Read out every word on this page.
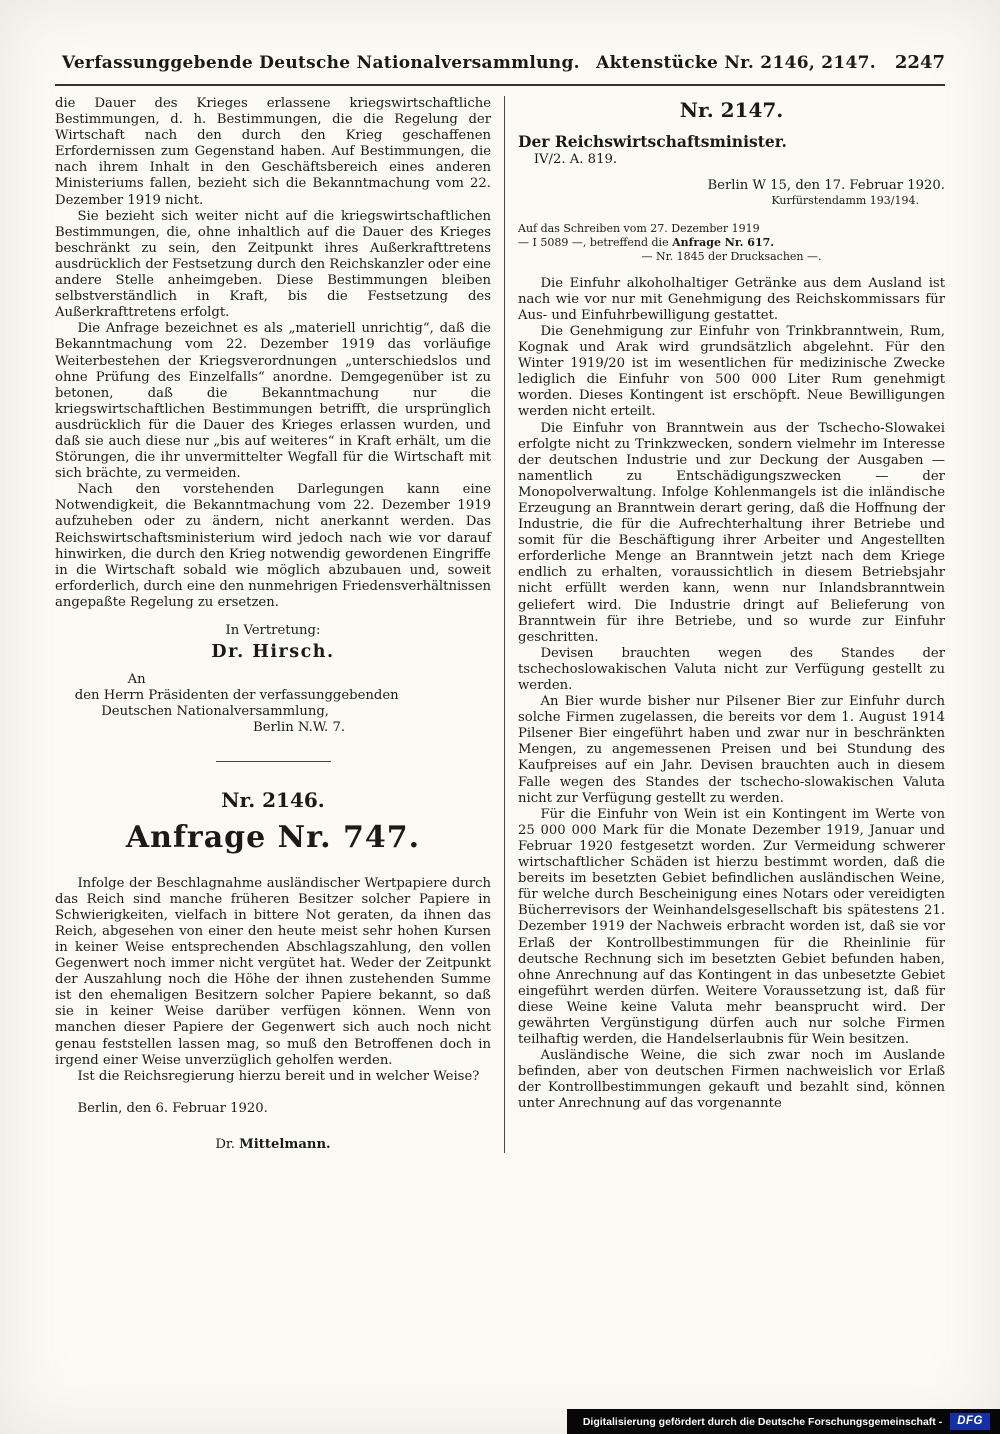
Verfassunggebende Deutsche Nationalversammlung. Aktenstücke Nr. 2146, 2147.	2247
die Dauer des Krieges erlassene kriegswirtschaftliche Bestimmungen, d. h. Bestimmungen, die die Regelung der Wirtschaft nach den durch den Krieg geschaffenen Erfordernissen zum Gegenstand haben. Auf Bestimmungen, die nach ihrem Inhalt in den Geschäftsbereich eines anderen Ministeriums fallen, bezieht sich die Bekanntmachung vom 22. Dezember 1919 nicht.
Sie bezieht sich weiter nicht auf die kriegswirtschaftlichen Bestimmungen, die, ohne inhaltlich auf die Dauer des Krieges beschränkt zu sein, den Zeitpunkt ihres Außerkrafttretens ausdrücklich der Festsetzung durch den Reichskanzler oder eine andere Stelle anheimgeben. Diese Bestimmungen bleiben selbstverständlich in Kraft, bis die Festsetzung des Außerkrafttretens erfolgt.
Die Anfrage bezeichnet es als „materiell unrichtig“, daß die Bekanntmachung vom 22. Dezember 1919 das vorläufige Weiterbestehen der Kriegsverordnungen „unterschiedslos und ohne Prüfung des Einzelfalls“ anordne. Demgegenüber ist zu betonen, daß die Bekanntmachung nur die kriegswirtschaftlichen Bestimmungen betrifft, die ursprünglich ausdrücklich für die Dauer des Krieges erlassen wurden, und daß sie auch diese nur „bis auf weiteres“ in Kraft erhält, um die Störungen, die ihr unvermittelter Wegfall für die Wirtschaft mit sich brächte, zu vermeiden.
Nach den vorstehenden Darlegungen kann eine Notwendigkeit, die Bekanntmachung vom 22. Dezember 1919 aufzuheben oder zu ändern, nicht anerkannt werden. Das Reichswirtschaftsministerium wird jedoch nach wie vor darauf hinwirken, die durch den Krieg notwendig gewordenen Eingriffe in die Wirtschaft sobald wie möglich abzubauen und, soweit erforderlich, durch eine den nunmehrigen Friedensverhältnissen angepaßte Regelung zu ersetzen.
In Vertretung:
Dr. Hirsch.
An
den Herrn Präsidenten der verfassunggebenden
Deutschen Nationalversammlung,
Berlin N.W. 7.
Nr. 2146.
Anfrage Nr. 747.
Infolge der Beschlagnahme ausländischer Wertpapiere durch das Reich sind manche früheren Besitzer solcher Papiere in Schwierigkeiten, vielfach in bittere Not geraten, da ihnen das Reich, abgesehen von einer den heute meist sehr hohen Kursen in keiner Weise entsprechenden Abschlagszahlung, den vollen Gegenwert noch immer nicht vergütet hat. Weder der Zeitpunkt der Auszahlung noch die Höhe der ihnen zustehenden Summe ist den ehemaligen Besitzern solcher Papiere bekannt, so daß sie in keiner Weise darüber verfügen können. Wenn von manchen dieser Papiere der Gegenwert sich auch noch nicht genau feststellen lassen mag, so muß den Betroffenen doch in irgend einer Weise unverzüglich geholfen werden.
Ist die Reichsregierung hierzu bereit und in welcher Weise?
Berlin, den 6. Februar 1920.
Dr. Mittelmann.
Nr. 2147.
Der Reichswirtschaftsminister.
IV/2. A. 819.
Berlin W 15, den 17. Februar 1920.
Kurfürstendamm 193/194.
Auf das Schreiben vom 27. Dezember 1919
— I 5089 —, betreffend die Anfrage Nr. 617.
— Nr. 1845 der Drucksachen —.
Die Einfuhr alkoholhaltiger Getränke aus dem Ausland ist nach wie vor nur mit Genehmigung des Reichskommissars für Aus- und Einfuhrbewilligung gestattet.
Die Genehmigung zur Einfuhr von Trinkbranntwein, Rum, Kognak und Arak wird grundsätzlich abgelehnt. Für den Winter 1919/20 ist im wesentlichen für medizinische Zwecke lediglich die Einfuhr von 500 000 Liter Rum genehmigt worden. Dieses Kontingent ist erschöpft. Neue Bewilligungen werden nicht erteilt.
Die Einfuhr von Branntwein aus der Tschecho-Slowakei erfolgte nicht zu Trinkzwecken, sondern vielmehr im Interesse der deutschen Industrie und zur Deckung der Ausgaben — namentlich zu Entschädigungszwecken — der Monopolverwaltung. Infolge Kohlenmangels ist die inländische Erzeugung an Branntwein derart gering, daß die Hoffnung der Industrie, die für die Aufrechterhaltung ihrer Betriebe und somit für die Beschäftigung ihrer Arbeiter und Angestellten erforderliche Menge an Branntwein jetzt nach dem Kriege endlich zu erhalten, voraussichtlich in diesem Betriebsjahr nicht erfüllt werden kann, wenn nur Inlandsbranntwein geliefert wird. Die Industrie dringt auf Belieferung von Branntwein für ihre Betriebe, und so wurde zur Einfuhr geschritten.
Devisen brauchten wegen des Standes der tschechoslowakischen Valuta nicht zur Verfügung gestellt zu werden.
An Bier wurde bisher nur Pilsener Bier zur Einfuhr durch solche Firmen zugelassen, die bereits vor dem 1. August 1914 Pilsener Bier eingeführt haben und zwar nur in beschränkten Mengen, zu angemessenen Preisen und bei Stundung des Kaufpreises auf ein Jahr. Devisen brauchten auch in diesem Falle wegen des Standes der tschecho-slowakischen Valuta nicht zur Verfügung gestellt zu werden.
Für die Einfuhr von Wein ist ein Kontingent im Werte von 25 000 000 Mark für die Monate Dezember 1919, Januar und Februar 1920 festgesetzt worden. Zur Vermeidung schwerer wirtschaftlicher Schäden ist hierzu bestimmt worden, daß die bereits im besetzten Gebiet befindlichen ausländischen Weine, für welche durch Bescheinigung eines Notars oder vereidigten Bücherrevisors der Weinhandelsgesellschaft bis spätestens 21. Dezember 1919 der Nachweis erbracht worden ist, daß sie vor Erlaß der Kontrollbestimmungen für die Rheinlinie für deutsche Rechnung sich im besetzten Gebiet befunden haben, ohne Anrechnung auf das Kontingent in das unbesetzte Gebiet eingeführt werden dürfen. Weitere Voraussetzung ist, daß für diese Weine keine Valuta mehr beansprucht wird. Der gewährten Vergünstigung dürfen auch nur solche Firmen teilhaftig werden, die Handelserlaubnis für Wein besitzen.
Ausländische Weine, die sich zwar noch im Auslande befinden, aber von deutschen Firmen nachweislich vor Erlaß der Kontrollbestimmungen gekauft und bezahlt sind, können unter Anrechnung auf das vorgenannte
Digitalisierung gefördert durch die Deutsche Forschungsgemeinschaft -	DFG
